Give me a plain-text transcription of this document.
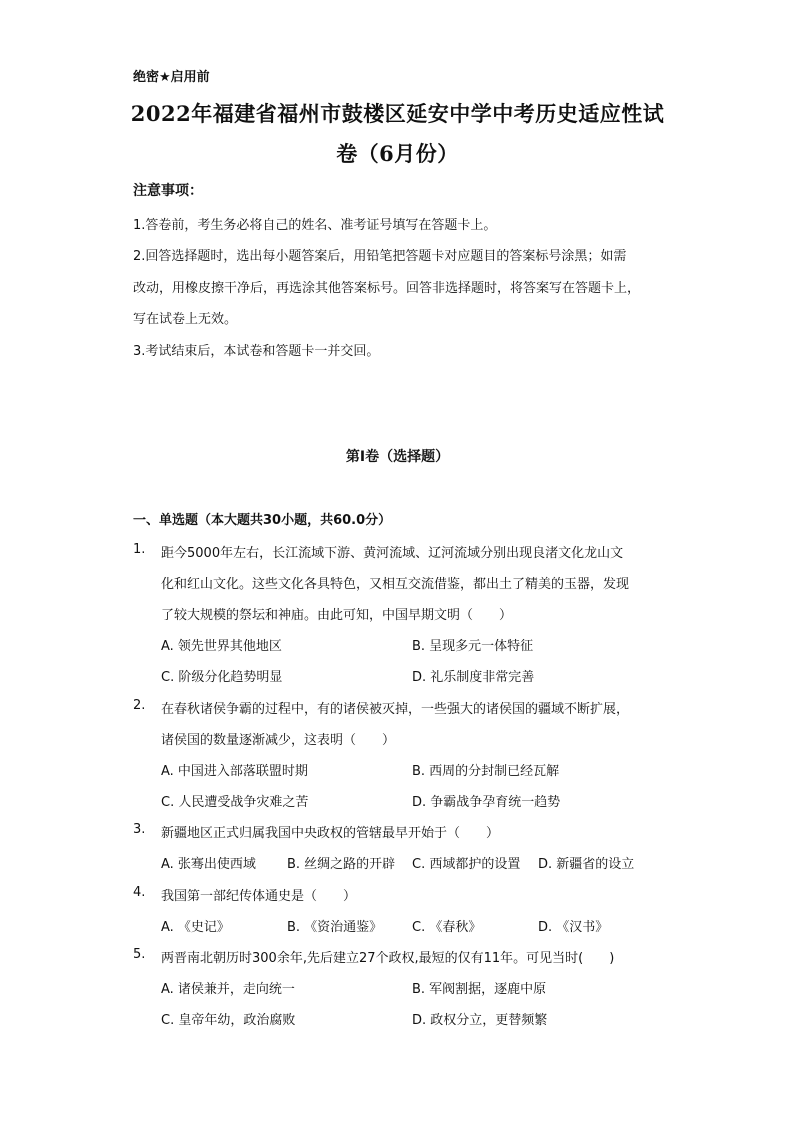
绝密★启用前
2022年福建省福州市鼓楼区延安中学中考历史适应性试
卷（6月份）
注意事项：
1.答卷前，考生务必将自己的姓名、准考证号填写在答题卡上。
2.回答选择题时，选出每小题答案后，用铅笔把答题卡对应题目的答案标号涂黑；如需
改动，用橡皮擦干净后，再选涂其他答案标号。回答非选择题时，将答案写在答题卡上，
写在试卷上无效。
3.考试结束后，本试卷和答题卡一并交回。
第I卷（选择题）
一、单选题（本大题共30小题，共60.0分）
1. 距今5000年左右，长江流域下游、黄河流域、辽河流域分别出现良渚文化龙山文
化和红山文化。这些文化各具特色，又相互交流借鉴，都出土了精美的玉器，发现
了较大规模的祭坛和神庙。由此可知，中国早期文明（　　）
A. 领先世界其他地区	B. 呈现多元一体特征
C. 阶级分化趋势明显	D. 礼乐制度非常完善
2. 在春秋诸侯争霸的过程中，有的诸侯被灭掉，一些强大的诸侯国的疆域不断扩展，
诸侯国的数量逐渐减少，这表明（　　）
A. 中国进入部落联盟时期	B. 西周的分封制已经瓦解
C. 人民遭受战争灾难之苦	D. 争霸战争孕育统一趋势
3. 新疆地区正式归属我国中央政权的管辖最早开始于（　　）
A. 张骞出使西域 B. 丝绸之路的开辟 C. 西域都护的设置 D. 新疆省的设立
4. 我国第一部纪传体通史是（　　）
A. 《史记》	B. 《资治通鉴》 C. 《春秋》	D. 《汉书》
5. 两晋南北朝历时300余年,先后建立27个政权,最短的仅有11年。可见当时(　　)
A. 诸侯兼并，走向统一	B. 军阀割据，逐鹿中原
C. 皇帝年幼，政治腐败	D. 政权分立，更替频繁
